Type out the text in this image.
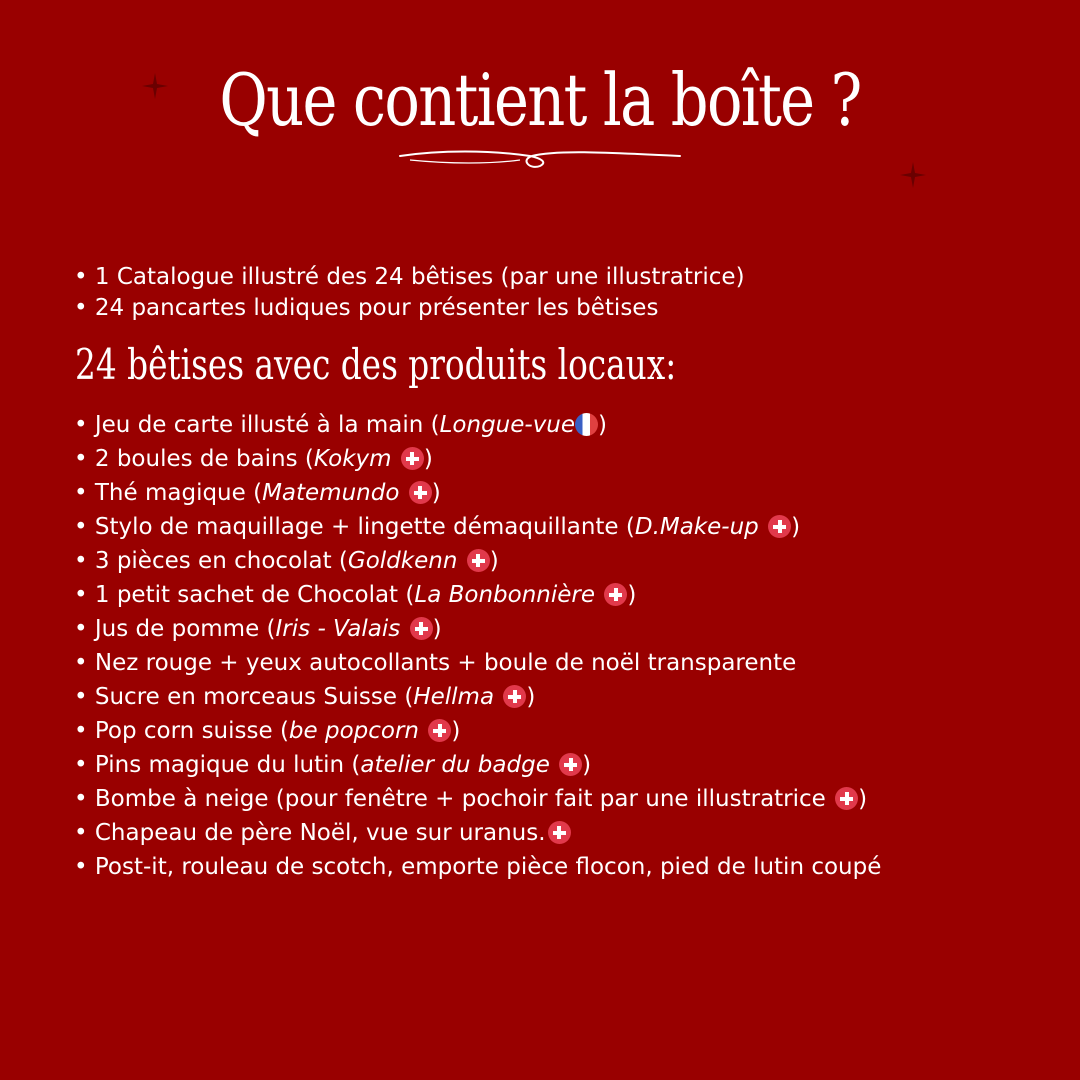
Que contient la boîte ?
• 1 Catalogue illustré des 24 bêtises (par une illustratrice)
• 24 pancartes ludiques pour présenter les bêtises
24 bêtises avec des produits locaux:
• Jeu de carte illusté à la main (Longue-vue )
• 2 boules de bains (Kokym )
• Thé magique (Matemundo )
• Stylo de maquillage + lingette démaquillante (D.Make-up )
• 3 pièces en chocolat (Goldkenn )
• 1 petit sachet de Chocolat (La Bonbonnière )
• Jus de pomme (Iris - Valais )
• Nez rouge + yeux autocollants + boule de noël transparente
• Sucre en morceaus Suisse (Hellma )
• Pop corn suisse (be popcorn )
• Pins magique du lutin (atelier du badge )
• Bombe à neige (pour fenêtre + pochoir fait par une illustratrice )
• Chapeau de père Noël, vue sur uranus.
• Post-it, rouleau de scotch, emporte pièce flocon, pied de lutin coupé
